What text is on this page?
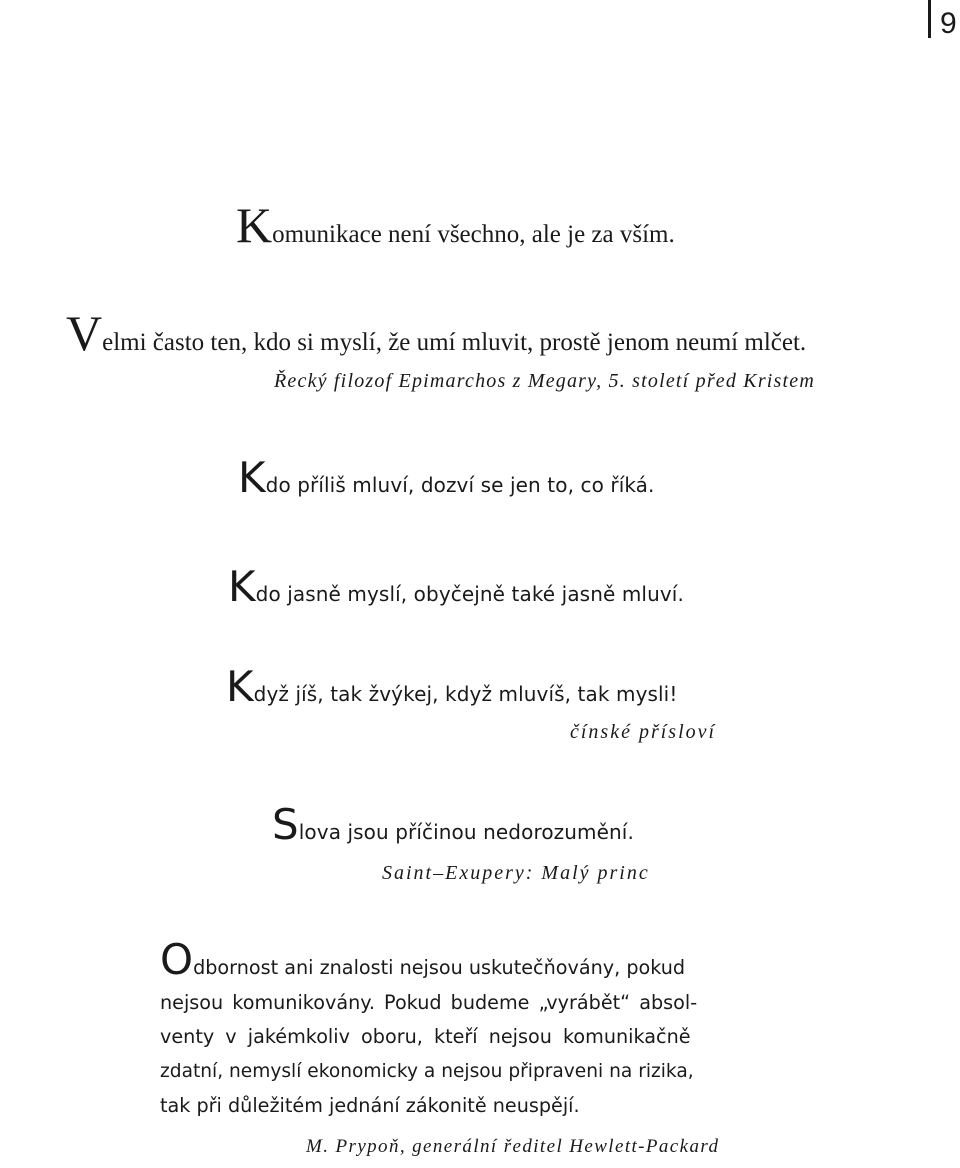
9

Komunikace není všechno, ale je za vším.

Velmi často ten, kdo si myslí, že umí mluvit, prostě jenom neumí mlčet.

Řecký filozof Epimarchos z Megary, 5. století před Kristem

Kdo příliš mluví, dozví se jen to, co říká.

Kdo jasně myslí, obyčejně také jasně mluví.

Když jíš, tak žvýkej, když mluvíš, tak mysli!

čínské přísloví

Slova jsou příčinou nedorozumění.

Saint–Exupery: Malý princ

Odbornost ani znalosti nejsou uskutečňovány, pokud
nejsou komunikovány. Pokud budeme „vyrábět“ absol-
venty v jakémkoliv oboru, kteří nejsou komunikačně
zdatní, nemyslí ekonomicky a nejsou připraveni na rizika,
tak při důležitém jednání zákonitě neuspějí.

M. Prypoň, generální ředitel Hewlett-Packard
